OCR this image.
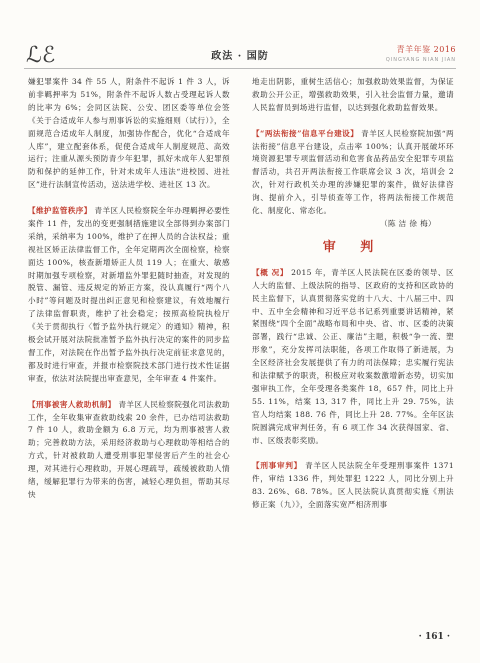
ℒℰ	政法 · 国防
青羊年鉴 2016
QINGYANG NIAN JIAN

嫌犯罪案件 34 件 55 人，附条件不起诉 1 件 3 人，诉前非羁押率为 51%，附条件不起诉人数占受理起诉人数的比率为 6%；会同区法院、公安、团区委等单位会签《关于合适成年人参与刑事诉讼的实施细则（试行）》，全面规范合适成年人制度，加强协作配合，优化“合适成年人库”，建立配套体系，促使合适成年人制度规范、高效运行；注重从源头预防青少年犯罪，抓好未成年人犯罪预防和保护的延伸工作，针对未成年人违法“进校园、进社区”进行法制宣传活动，送法进学校、进社区 13 次。

【维护监管秩序】 青羊区人民检察院全年办理羁押必要性案件 11 件，发出的变更强制措施建议全部得到办案部门采纳，采纳率为 100%，维护了在押人员的合法权益；重视社区矫正法律监督工作，全年定期两次全面检察，检察面达 100%，核查新增矫正人员 119 人；在重大、敏感时期加强专项检察，对新增监外罪犯随时抽查，对发现的脱管、漏管、违反规定的矫正方案，没认真履行“两个八小时”等问题及时提出纠正意见和检察建议，有效地履行了法律监督职责，维护了社会稳定；按照高检院执检厅《关于贯彻执行〈暂予监外执行规定〉的通知》精神，积极会试开展对法院批准暂予监外执行决定的案件的同步监督工作，对法院在作出暂予监外执行决定前征求意见的，都及时进行审查，并报市检察院技术部门进行技术性证据审查，依法对法院提出审查意见，全年审查 4 件案件。

【刑事被害人救助机制】 青羊区人民检察院强化司法救助工作，全年收集审查救助线索 20 余件，已办结司法救助 7 件 10 人，救助金额为 6.8 万元，均为刑事被害人救助；完善救助方法，采用经济救助与心理救助等相结合的方式，针对被救助人遭受刑事犯罪侵害后产生的社会心理，对其进行心理救助，开展心理疏导，疏缓被救助人情绪，缓解犯罪行为带来的伤害，减轻心理负担，帮助其尽快

地走出阴影，重树生活信心；加强救助效果监督，为保证救助公开公正，增强救助效果，引入社会监督力量，邀请人民监督员到场进行监督，以达到强化救助监督效果。

【“两法衔接”信息平台建设】 青羊区人民检察院加强“两法衔接”信息平台建设，点击率 100%；认真开展破坏环境资源犯罪专项监督活动和危害食品药品安全犯罪专项监督活动，共召开两法衔接工作联席会议 3 次，培训会 2 次，针对行政机关办理的涉嫌犯罪的案件，做好法律咨询、提前介入，引导侦查等工作，将两法衔接工作规范化、制度化、常态化。

（陈 洁 徐 梅）

审 判

【概 况】 2015 年，青羊区人民法院在区委的领导、区人大的监督、上级法院的指导、区政府的支持和区政协的民主监督下，认真贯彻落实党的十八大、十八届三中、四中、五中全会精神和习近平总书记系列重要讲话精神，紧紧围绕“四个全面”战略布局和中央、省、市、区委的决策部署，践行“忠诚、公正、廉洁”主题，积极“争一流、塑形象”，充分发挥司法职能，各项工作取得了新进展，为全区经济社会发展提供了有力的司法保障；忠实履行宪法和法律赋予的职责，积极应对收案数激增新态势，切实加强审执工作，全年受理各类案件 18，657 件，同比上升 55. 11%，结案 13, 317 件，同比上升 29. 75%，法官人均结案 188. 76 件，同比上升 28. 77%。全年区法院圆满完成审判任务，有 6 项工作 34 次获得国家、省、市、区级表彰奖励。

【刑事审判】 青羊区人民法院全年受理刑事案件 1371 件，审结 1336 件，判处罪犯 1222 人，同比分别上升 83. 26%、68. 78%。区人民法院认真贯彻实施《刑法修正案（九）》，全面落实宽严相济刑事

· 161 ·
